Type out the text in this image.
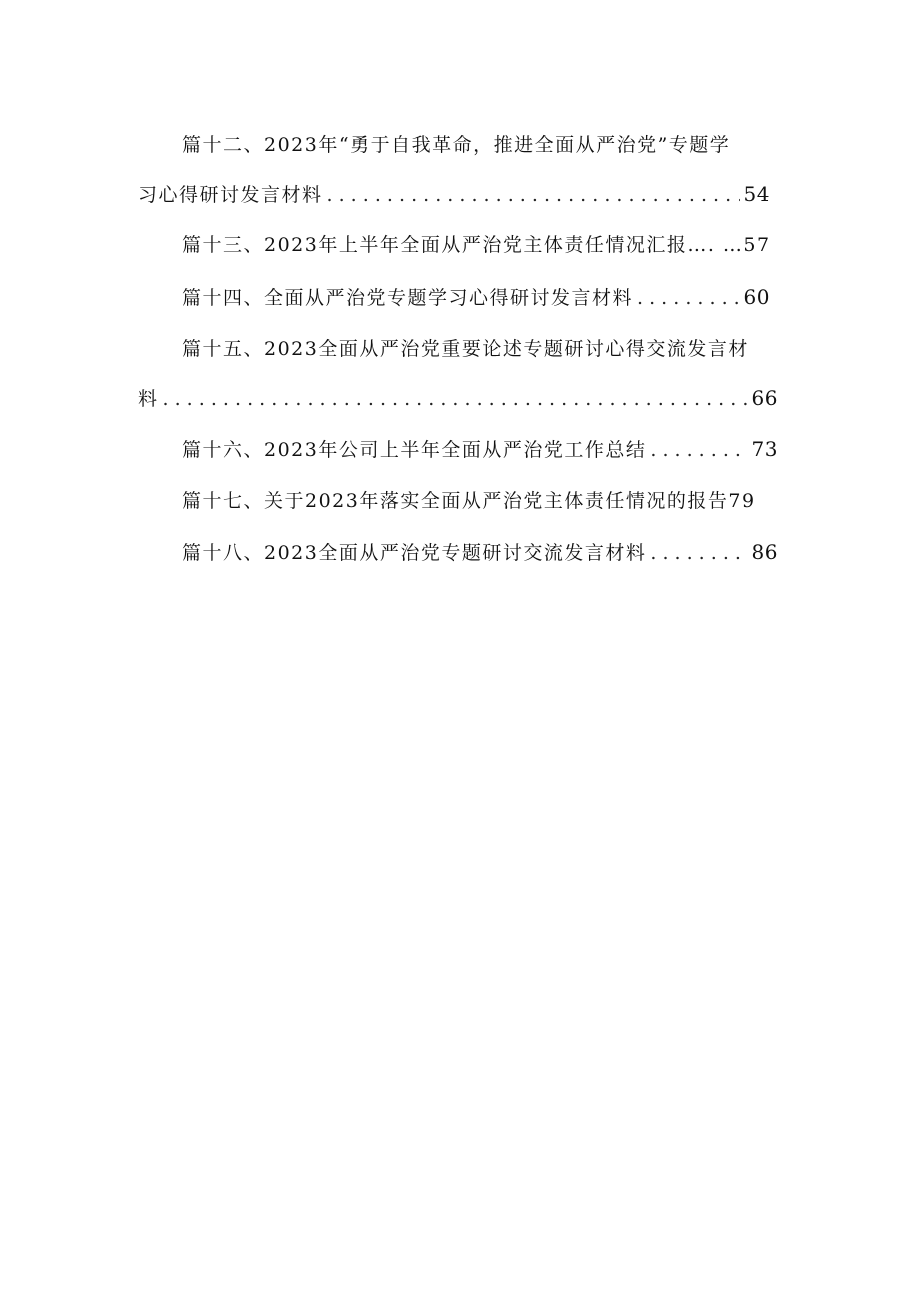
篇十二、2023年“勇于自我革命，推进全面从严治党”专题学
习心得研讨发言材料 . . .	54
篇十三、2023年上半年全面从严治党主体责任情况汇报…. …57
篇十四、全面从严治党专题学习心得研讨发言材料 . . .	60
篇十五、2023全面从严治党重要论述专题研讨心得交流发言材
料 . . .	66
篇十六、2023年公司上半年全面从严治党工作总结 . . .	73
篇十七、关于2023年落实全面从严治党主体责任情况的报告79
篇十八、2023全面从严治党专题研讨交流发言材料 . . .	86
